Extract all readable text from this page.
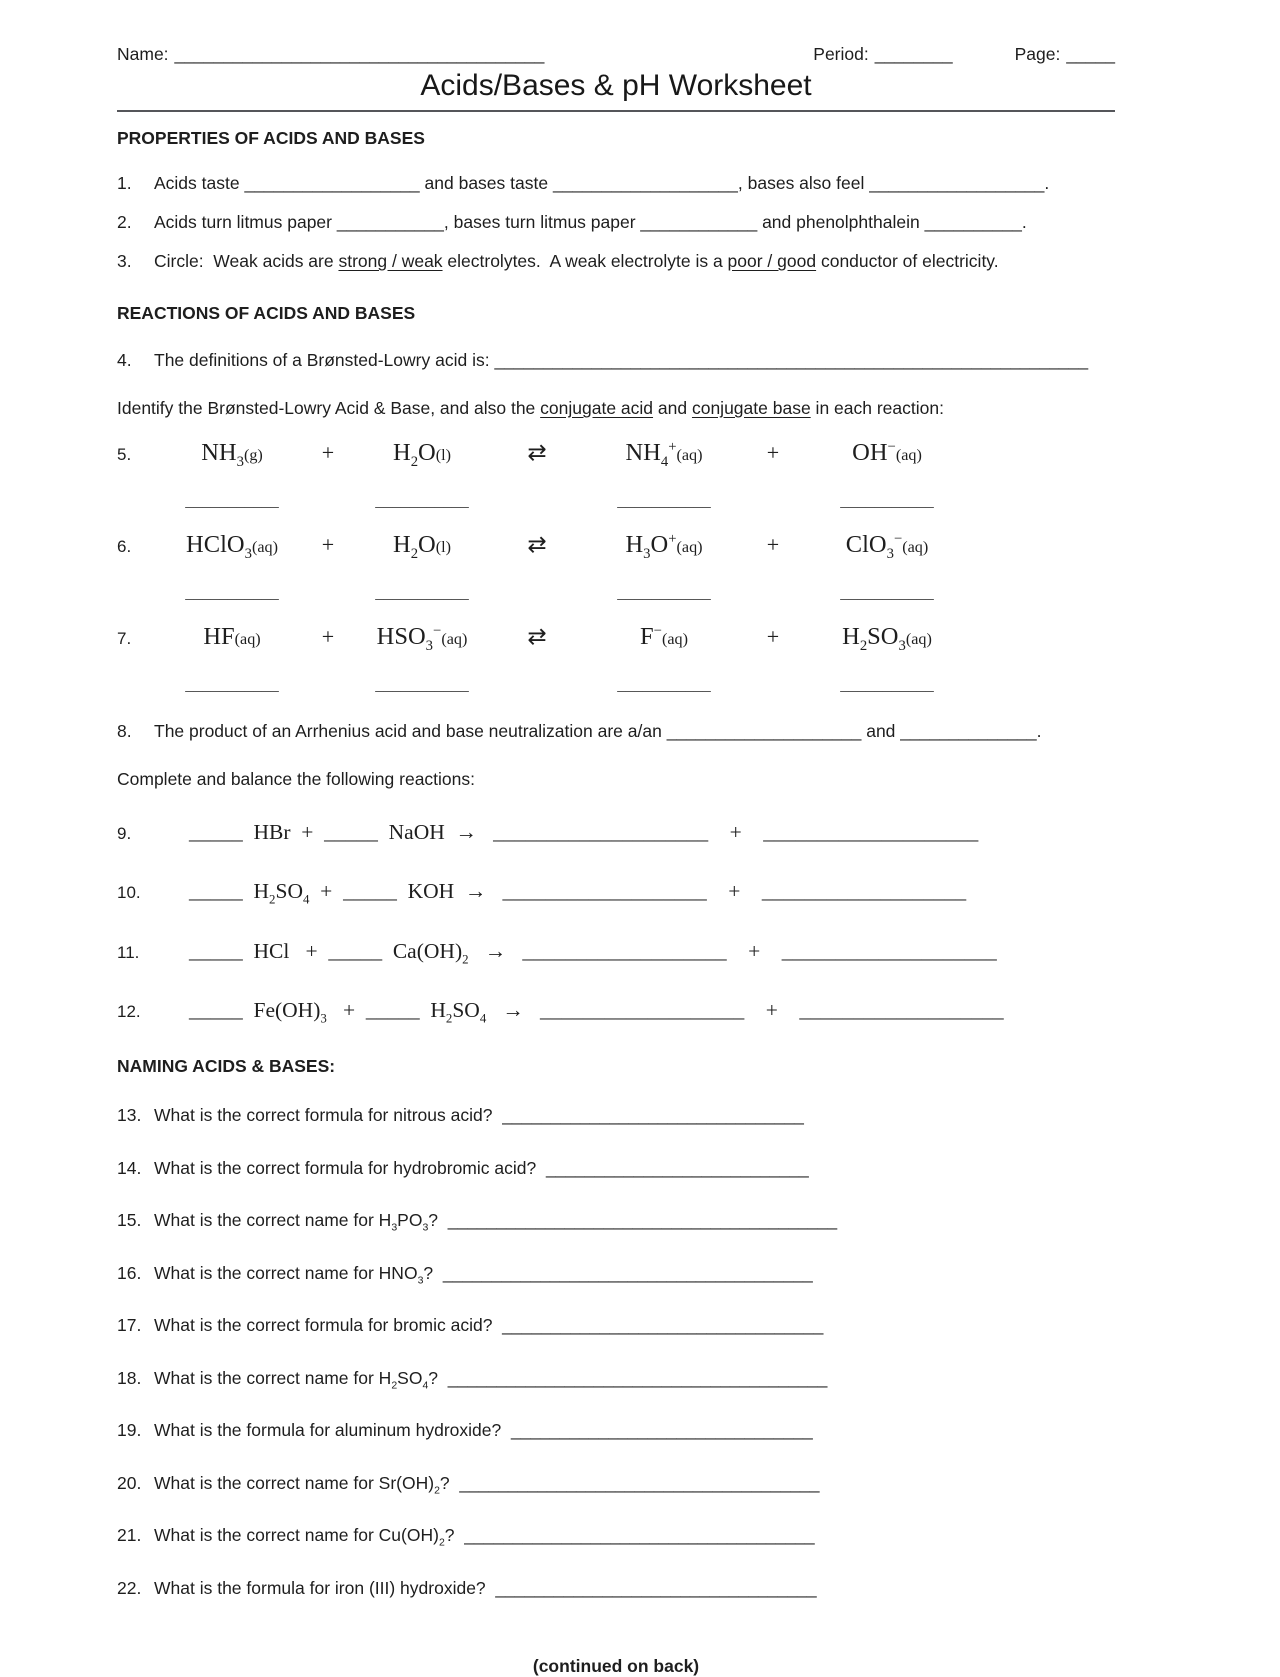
Name: ______________________________________	Period: ________	Page: _____
Acids/Bases & pH Worksheet
PROPERTIES OF ACIDS AND BASES
1.	Acids taste __________________ and bases taste ___________________, bases also feel __________________.
2.	Acids turn litmus paper ___________, bases turn litmus paper ____________ and phenolphthalein __________.
3.	Circle:  Weak acids are strong / weak electrolytes.  A weak electrolyte is a poor / good conductor of electricity.
REACTIONS OF ACIDS AND BASES
4.	The definitions of a Brønsted-Lowry acid is: _____________________________________________________________
Identify the Brønsted-Lowry Acid & Base, and also the conjugate acid and conjugate base in each reaction:
5.	$NH_3(g)$	+	$H_2O(l)$	⇄	$NH_4^+(aq)$	+	OH−(aq)
___________	___________	___________	___________
6.	HClO$_3$(aq)	+	$H_2O(l)$	⇄	$H_3O^+(aq)$	+	ClO$_3$−(aq)
___________	___________	___________	___________
7.	HF(aq)	+	$HSO_3^-(aq)$	⇄	F−(aq)	+	$H_2SO_3(aq)$
___________	___________	___________	___________
8.	The product of an Arrhenius acid and base neutralization are a/an ____________________ and ______________.
Complete and balance the following reactions:
9.	_____  HBr  +  _____  NaOH  →   ____________________    +    ____________________
10.	_____  $H_2SO_4$  +  _____  KOH  →   ___________________    +    ___________________
11.	_____  HCl   +  _____  $Ca(OH)_2$   →   ___________________    +    ____________________
12.	_____  $Fe(OH)_3$   +  _____  $H_2SO_4$   →   ___________________    +    ___________________
NAMING ACIDS & BASES:
13. What is the correct formula for nitrous acid?  _______________________________
14. What is the correct formula for hydrobromic acid?  ___________________________
15. What is the correct name for $H_3PO_3$?  ________________________________________
16. What is the correct name for $HNO_3$?  ______________________________________
17. What is the correct formula for bromic acid?  _________________________________
18. What is the correct name for $H_2SO_4$?  _______________________________________
19. What is the formula for aluminum hydroxide?  _______________________________
20. What is the correct name for $Sr(OH)_2$?  _____________________________________
21. What is the correct name for $Cu(OH)_2$?  ____________________________________
22. What is the formula for iron (III) hydroxide?  _________________________________
(continued on back)
